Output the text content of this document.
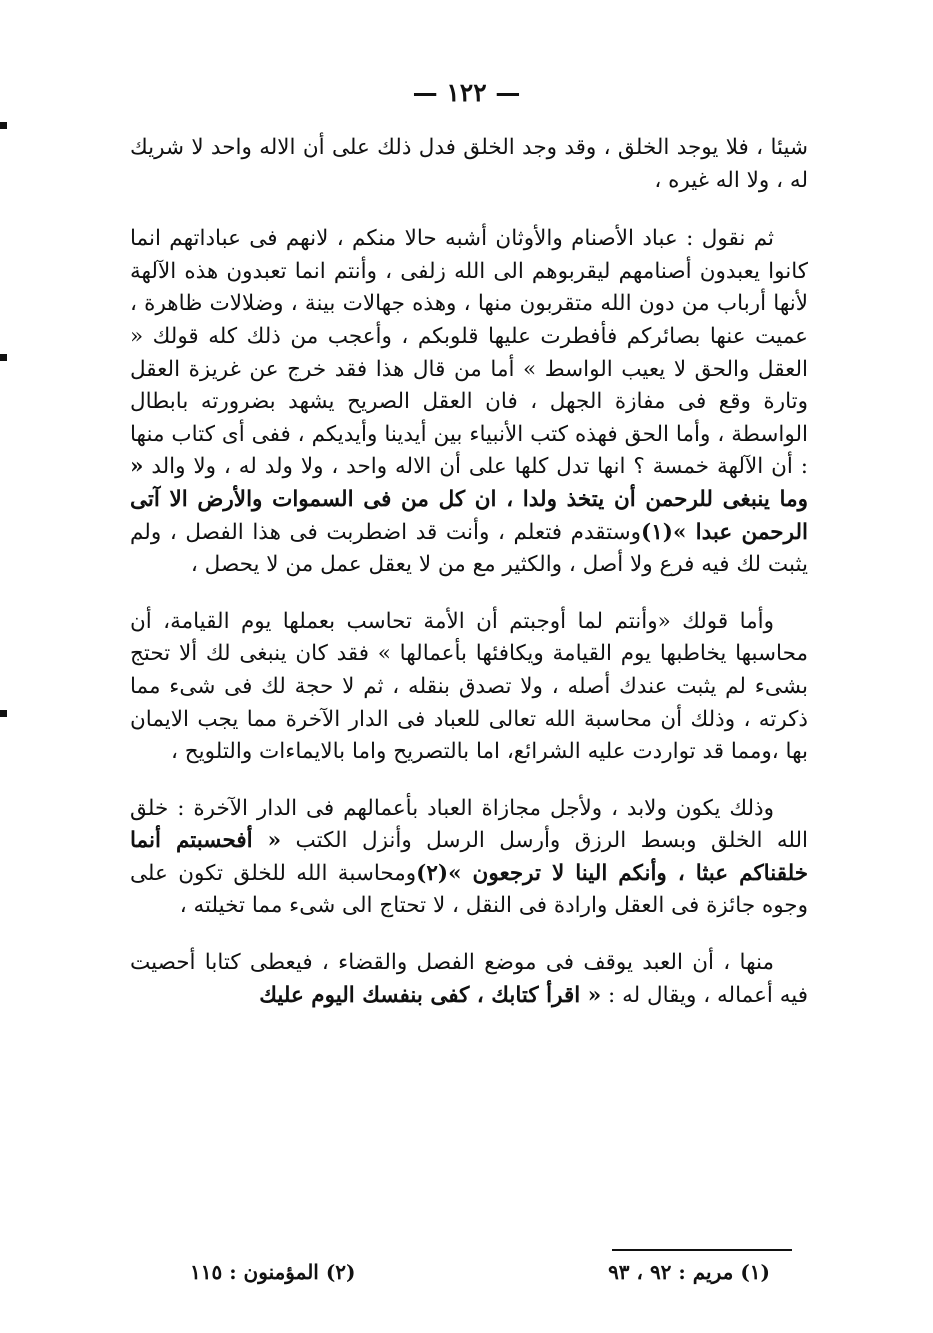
— ١٢٢ —

شيئا ، فلا يوجد الخلق ، وقد وجد الخلق فدل ذلك على أن الاله واحد لا شريك له ، ولا اله غيره ،

ثم نقول : عباد الأصنام والأوثان أشبه حالا منكم ، لانهم فى عباداتهم انما كانوا يعبدون أصنامهم ليقربوهم الى الله زلفى ، وأنتم انما تعبدون هذه الآلهة لأنها أرباب من دون الله متقربون منها ، وهذه جهالات بينة ، وضلالات ظاهرة ، عميت عنها بصائركم فأفطرت عليها قلوبكم ، وأعجب من ذلك كله قولك « العقل والحق لا يعيب الواسط » أما من قال هذا فقد خرج عن غريزة العقل وتارة وقع فى مفازة الجهل ، فان العقل الصريح يشهد بضرورته بابطال الواسطة ، وأما الحق فهذه كتب الأنبياء بين أيدينا وأيديكم ، ففى أى كتاب منها : أن الآلهة خمسة ؟ انها تدل كلها على أن الاله واحد ، ولا ولد له ، ولا والد « وما ينبغى للرحمن أن يتخذ ولدا ، ان كل من فى السموات والأرض الا آتى الرحمن عبدا »(١)وستقدم فتعلم ، وأنت قد اضطربت فى هذا الفصل ، ولم يثبت لك فيه فرع ولا أصل ، والكثير مع من لا يعقل عمل من لا يحصل ،

وأما قولك «وأنتم لما أوجبتم أن الأمة تحاسب بعملها يوم القيامة، أن محاسبها يخاطبها يوم القيامة ويكافئها بأعمالها » فقد كان ينبغى لك ألا تحتج بشىء لم يثبت عندك أصله ، ولا تصدق بنقله ، ثم لا حجة لك فى شىء مما ذكرته ، وذلك أن محاسبة الله تعالى للعباد فى الدار الآخرة مما يجب الايمان بها ،ومما قد تواردت عليه الشرائع، اما بالتصريح واما بالايماءات والتلويح ،

وذلك يكون ولابد ، ولأجل مجازاة العباد بأعمالهم فى الدار الآخرة : خلق الله الخلق وبسط الرزق وأرسل الرسل وأنزل الكتب « أفحسبتم أنما خلقناكم عبثا ، وأنكم الينا لا ترجعون »(٢)ومحاسبة الله للخلق تكون على وجوه جائزة فى العقل وارادة فى النقل ، لا تحتاج الى شىء مما تخيلته ،

منها ، أن العبد يوقف فى موضع الفصل والقضاء ، فيعطى كتابا أحصيت فيه أعماله ، ويقال له : « اقرأ كتابك ، كفى بنفسك اليوم عليك

(١) مريم : ٩٢ ، ٩٣
(٢) المؤمنون : ١١٥
